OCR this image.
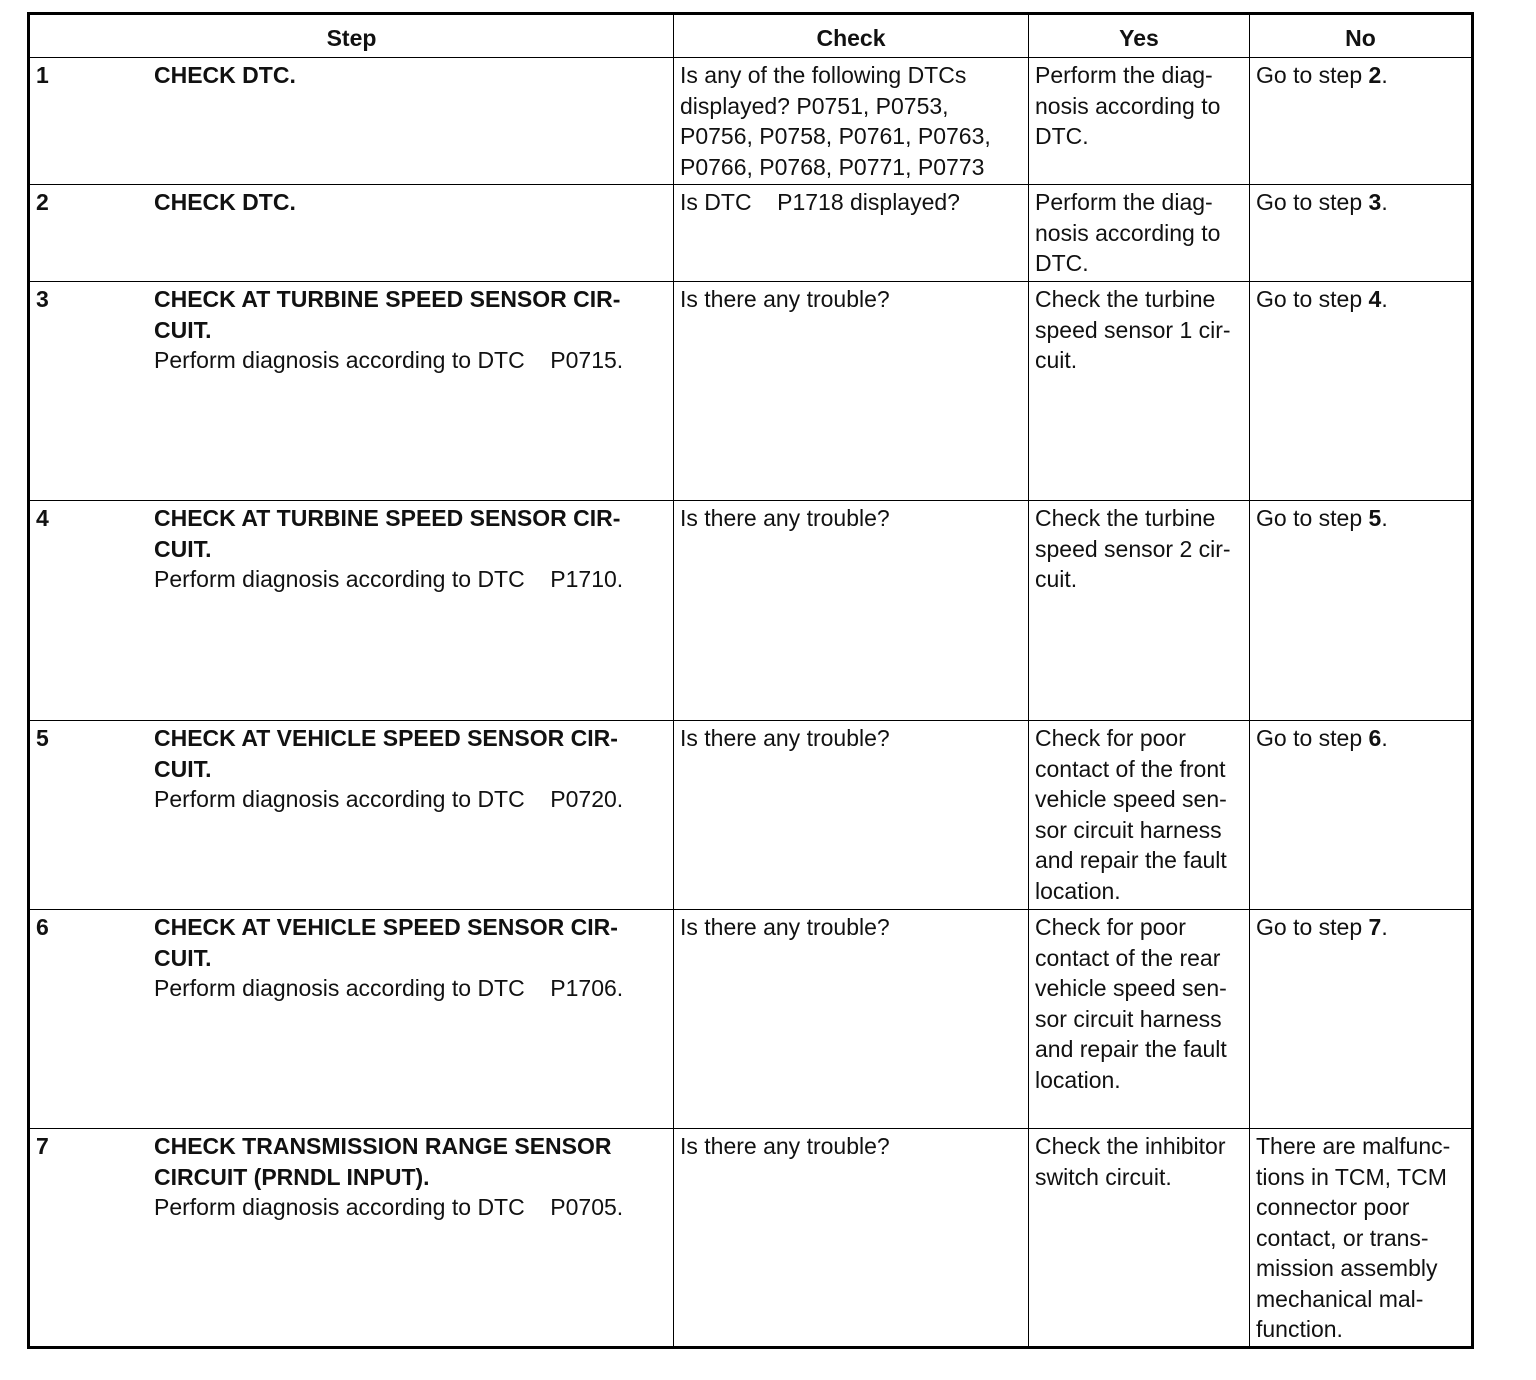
Step	Check	Yes	No

1 CHECK DTC.	Is any of the following DTCs displayed? P0751, P0753, P0756, P0758, P0761, P0763, P0766, P0768, P0771, P0773	Perform the diag-nosis according to DTC.	Go to step 2.

2 CHECK DTC.	Is DTC    P1718 displayed?	Perform the diag-nosis according to DTC.	Go to step 3.

3 CHECK AT TURBINE SPEED SENSOR CIR-CUIT.
Perform diagnosis according to DTC    P0715.	Is there any trouble?	Check the turbine speed sensor 1 cir-cuit.	Go to step 4.

4 CHECK AT TURBINE SPEED SENSOR CIR-CUIT.
Perform diagnosis according to DTC    P1710.	Is there any trouble?	Check the turbine speed sensor 2 cir-cuit.	Go to step 5.

5 CHECK AT VEHICLE SPEED SENSOR CIR-CUIT.
Perform diagnosis according to DTC    P0720.	Is there any trouble?	Check for poor contact of the front vehicle speed sen-sor circuit harness and repair the fault location.	Go to step 6.

6 CHECK AT VEHICLE SPEED SENSOR CIR-CUIT.
Perform diagnosis according to DTC    P1706.	Is there any trouble?	Check for poor contact of the rear vehicle speed sen-sor circuit harness and repair the fault location.	Go to step 7.

7 CHECK TRANSMISSION RANGE SENSOR CIRCUIT (PRNDL INPUT).
Perform diagnosis according to DTC    P0705.	Is there any trouble?	Check the inhibitor switch circuit.	There are malfunc-tions in TCM, TCM connector poor contact, or trans-mission assembly mechanical mal-function.
